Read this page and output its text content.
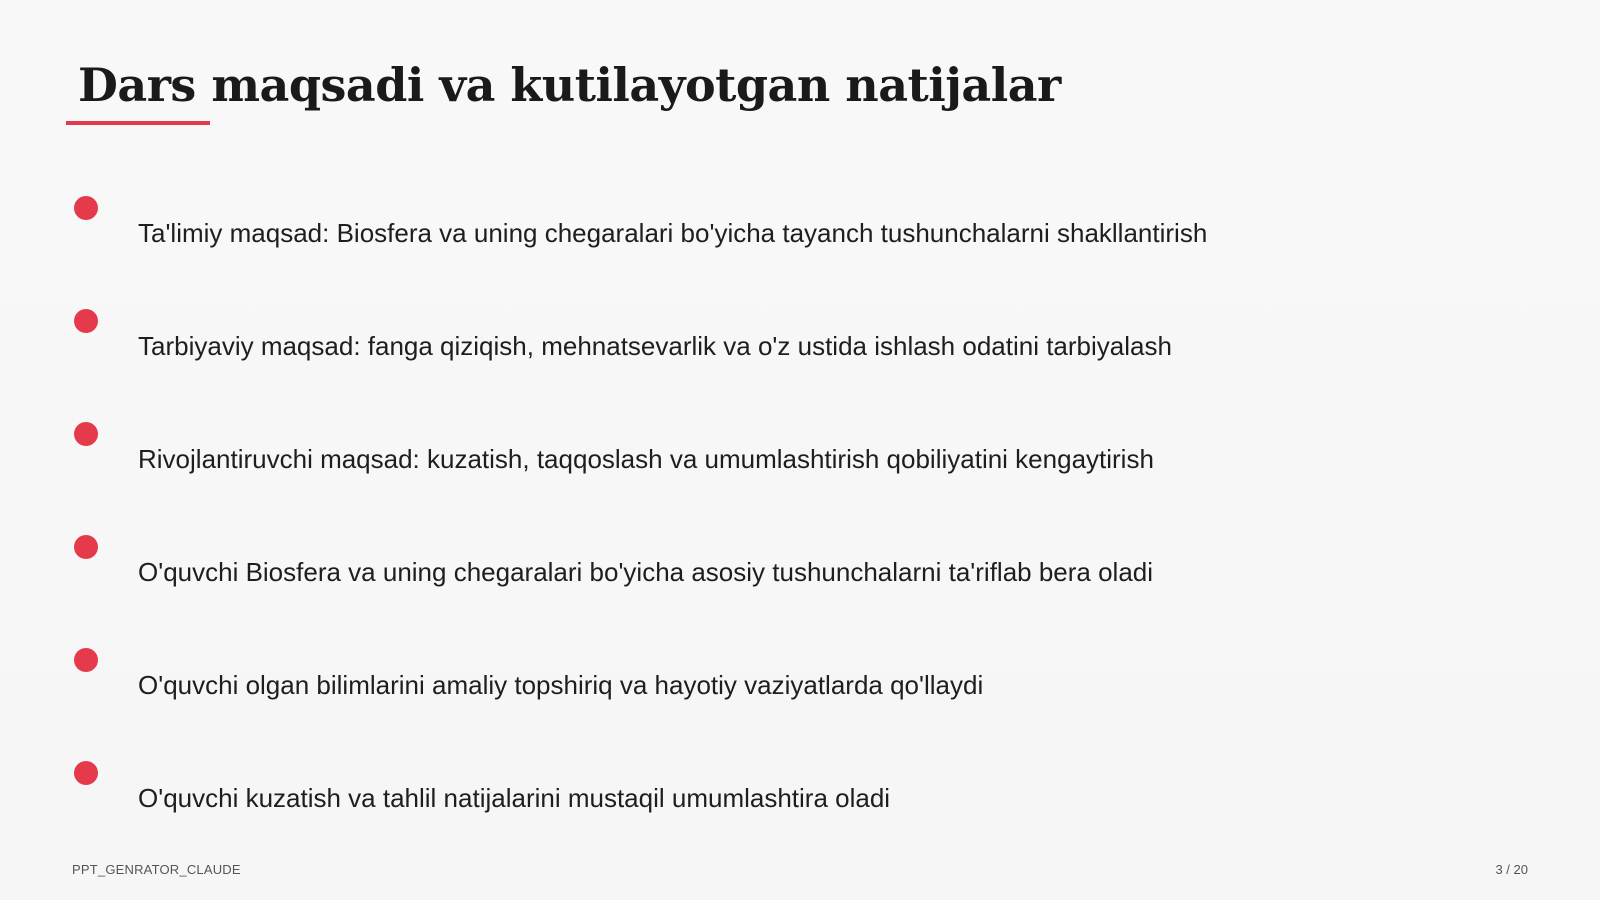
Dars maqsadi va kutilayotgan natijalar
Ta'limiy maqsad: Biosfera va uning chegaralari bo'yicha tayanch tushunchalarni shakllantirish
Tarbiyaviy maqsad: fanga qiziqish, mehnatsevarlik va o'z ustida ishlash odatini tarbiyalash
Rivojlantiruvchi maqsad: kuzatish, taqqoslash va umumlashtirish qobiliyatini kengaytirish
O'quvchi Biosfera va uning chegaralari bo'yicha asosiy tushunchalarni ta'riflab bera oladi
O'quvchi olgan bilimlarini amaliy topshiriq va hayotiy vaziyatlarda qo'llaydi
O'quvchi kuzatish va tahlil natijalarini mustaqil umumlashtira oladi
PPT_GENRATOR_CLAUDE	3 / 20
